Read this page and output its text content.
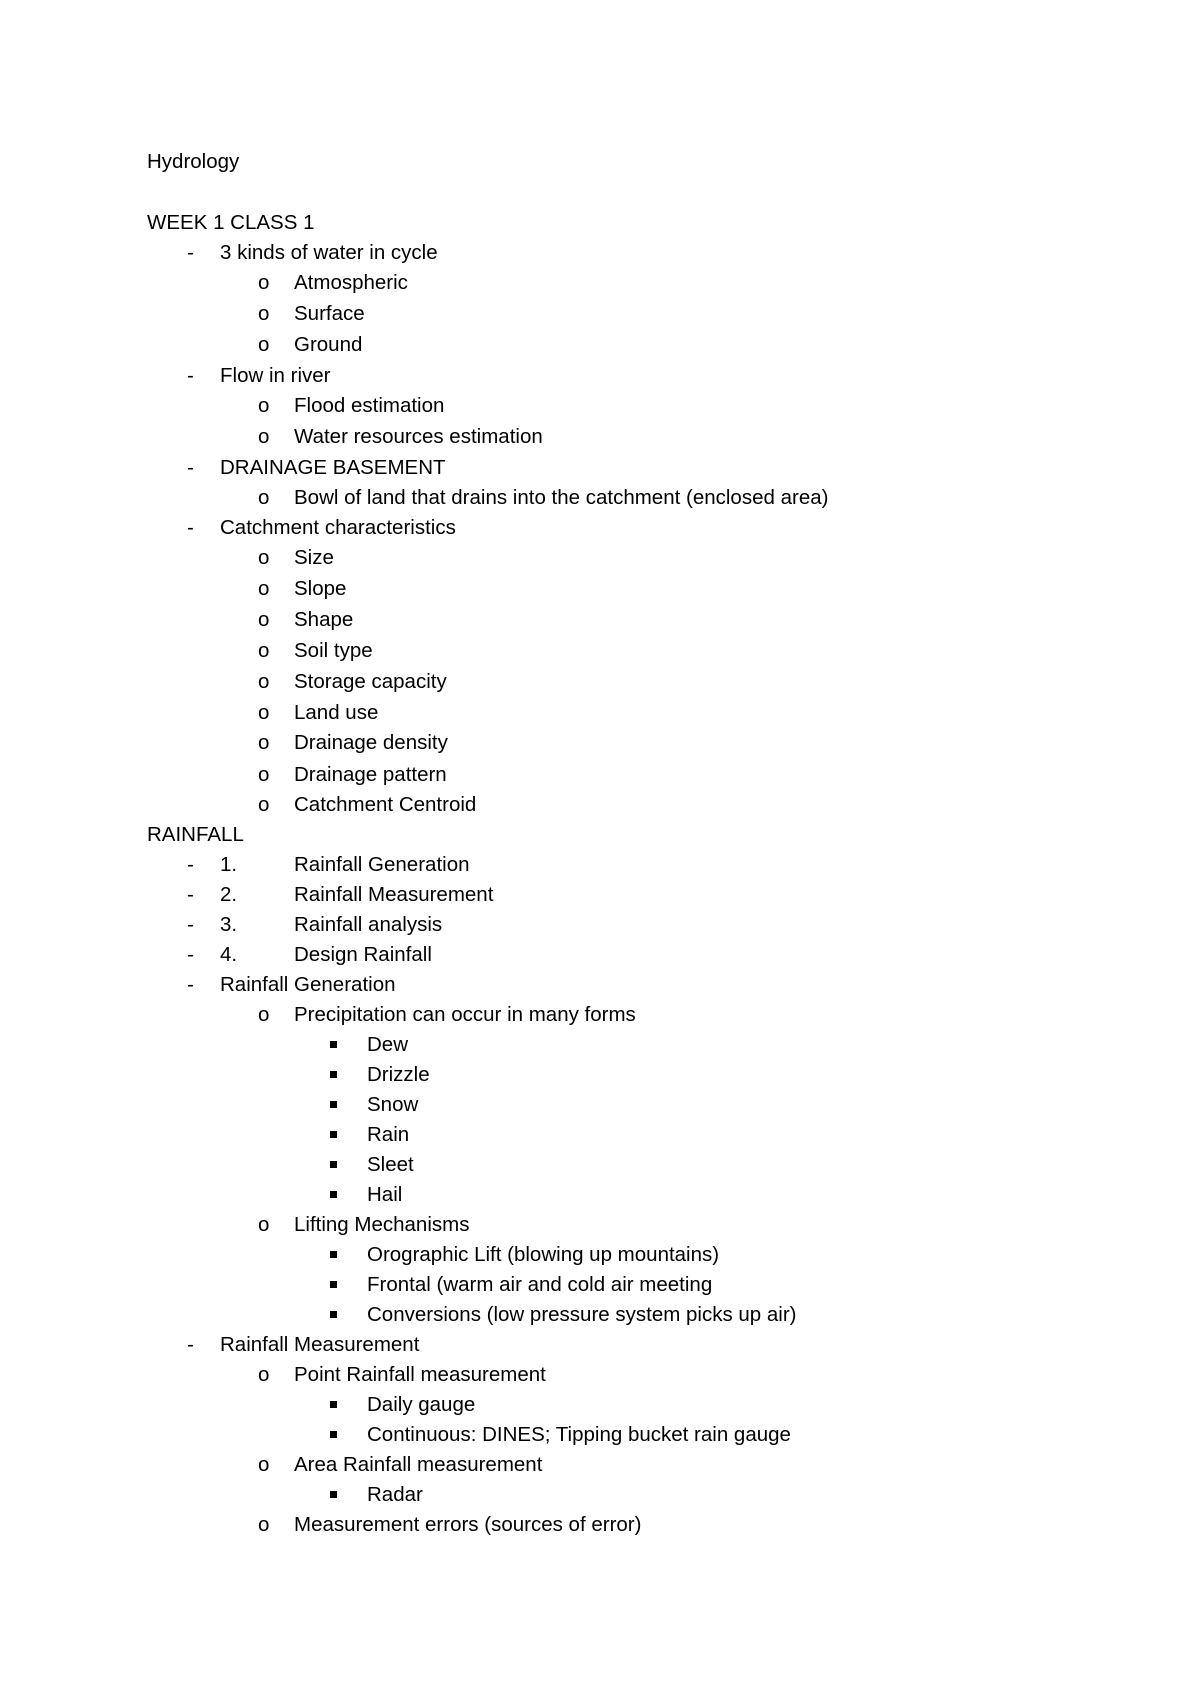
Hydrology
WEEK 1 CLASS 1
- 3 kinds of water in cycle
o Atmospheric
o Surface
o Ground
- Flow in river
o Flood estimation
o Water resources estimation
- DRAINAGE BASEMENT
o Bowl of land that drains into the catchment (enclosed area)
- Catchment characteristics
o Size
o Slope
o Shape
o Soil type
o Storage capacity
o Land use
o Drainage density
o Drainage pattern
o Catchment Centroid
RAINFALL
- 1.	Rainfall Generation
- 2.	Rainfall Measurement
- 3.	Rainfall analysis
- 4.	Design Rainfall
- Rainfall Generation
o Precipitation can occur in many forms
Dew
Drizzle
Snow
Rain
Sleet
Hail
o Lifting Mechanisms
Orographic Lift (blowing up mountains)
Frontal (warm air and cold air meeting
Conversions (low pressure system picks up air)
- Rainfall Measurement
o Point Rainfall measurement
Daily gauge
Continuous: DINES; Tipping bucket rain gauge
o Area Rainfall measurement
Radar
o Measurement errors (sources of error)
